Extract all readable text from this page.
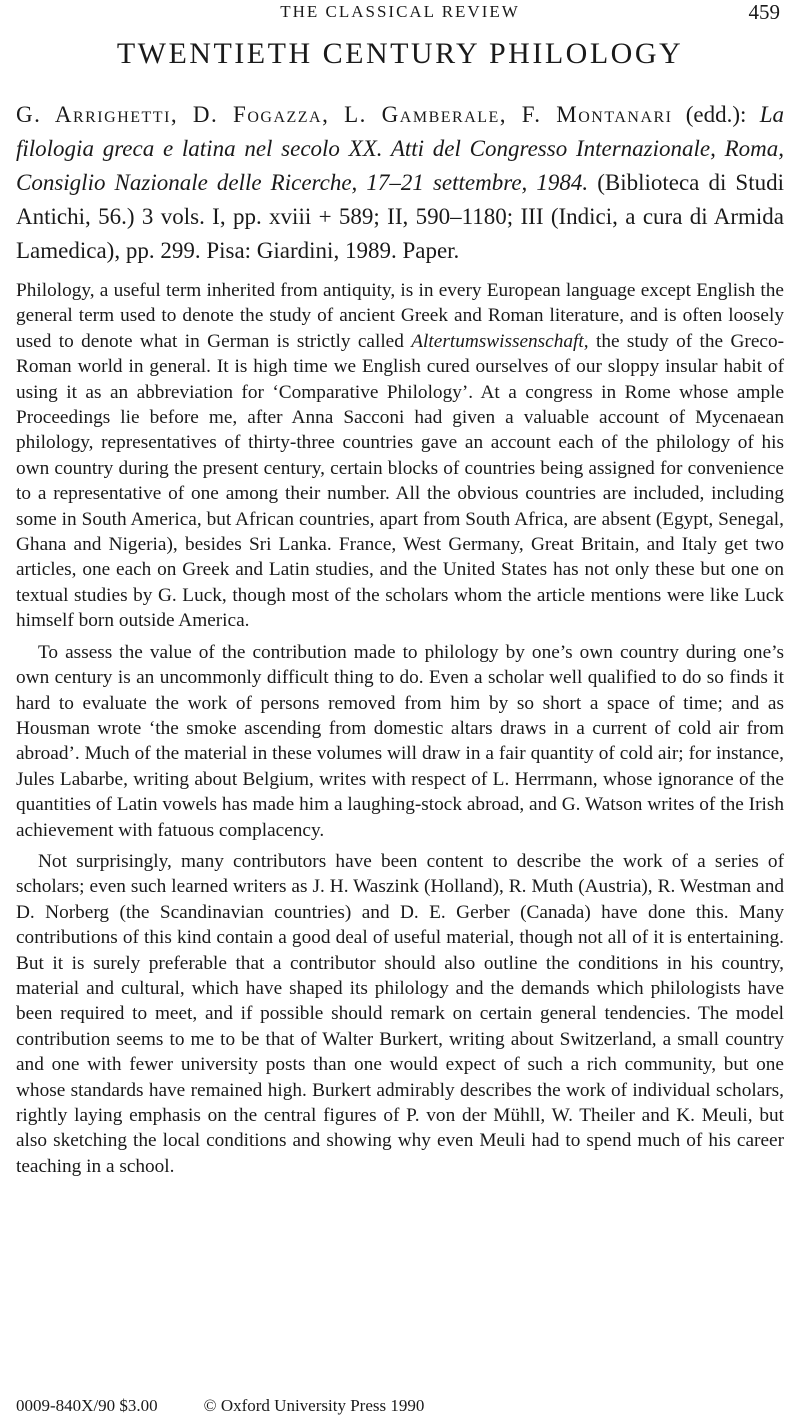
THE CLASSICAL REVIEW	459
TWENTIETH CENTURY PHILOLOGY
G. Arrighetti, D. Fogazza, L. Gamberale, F. Montanari (edd.): La filologia greca e latina nel secolo XX. Atti del Congresso Internazionale, Roma, Consiglio Nazionale delle Ricerche, 17–21 settembre, 1984. (Biblioteca di Studi Antichi, 56.) 3 vols. I, pp. xviii + 589; II, 590–1180; III (Indici, a cura di Armida Lamedica), pp. 299. Pisa: Giardini, 1989. Paper.

Philology, a useful term inherited from antiquity, is in every European language except English the general term used to denote the study of ancient Greek and Roman literature, and is often loosely used to denote what in German is strictly called Altertumswissenschaft, the study of the Greco-Roman world in general. It is high time we English cured ourselves of our sloppy insular habit of using it as an abbreviation for ‘Comparative Philology’. At a congress in Rome whose ample Proceedings lie before me, after Anna Sacconi had given a valuable account of Mycenaean philology, representatives of thirty-three countries gave an account each of the philology of his own country during the present century, certain blocks of countries being assigned for convenience to a representative of one among their number. All the obvious countries are included, including some in South America, but African countries, apart from South Africa, are absent (Egypt, Senegal, Ghana and Nigeria), besides Sri Lanka. France, West Germany, Great Britain, and Italy get two articles, one each on Greek and Latin studies, and the United States has not only these but one on textual studies by G. Luck, though most of the scholars whom the article mentions were like Luck himself born outside America.

To assess the value of the contribution made to philology by one’s own country during one’s own century is an uncommonly difficult thing to do. Even a scholar well qualified to do so finds it hard to evaluate the work of persons removed from him by so short a space of time; and as Housman wrote ‘the smoke ascending from domestic altars draws in a current of cold air from abroad’. Much of the material in these volumes will draw in a fair quantity of cold air; for instance, Jules Labarbe, writing about Belgium, writes with respect of L. Herrmann, whose ignorance of the quantities of Latin vowels has made him a laughing-stock abroad, and G. Watson writes of the Irish achievement with fatuous complacency.

Not surprisingly, many contributors have been content to describe the work of a series of scholars; even such learned writers as J. H. Waszink (Holland), R. Muth (Austria), R. Westman and D. Norberg (the Scandinavian countries) and D. E. Gerber (Canada) have done this. Many contributions of this kind contain a good deal of useful material, though not all of it is entertaining. But it is surely preferable that a contributor should also outline the conditions in his country, material and cultural, which have shaped its philology and the demands which philologists have been required to meet, and if possible should remark on certain general tendencies. The model contribution seems to me to be that of Walter Burkert, writing about Switzerland, a small country and one with fewer university posts than one would expect of such a rich community, but one whose standards have remained high. Burkert admirably describes the work of individual scholars, rightly laying emphasis on the central figures of P. von der Mühll, W. Theiler and K. Meuli, but also sketching the local conditions and showing why even Meuli had to spend much of his career teaching in a school.

0009-840X/90 $3.00	© Oxford University Press 1990
